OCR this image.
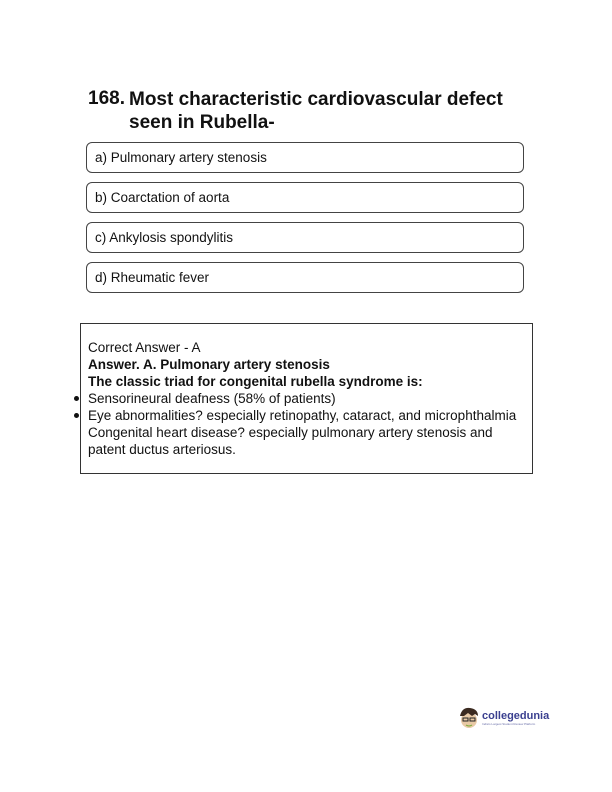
168. Most characteristic cardiovascular defect seen in Rubella-
a) Pulmonary artery stenosis
b) Coarctation of aorta
c) Ankylosis spondylitis
d) Rheumatic fever
Correct Answer - A
Answer. A. Pulmonary artery stenosis
The classic triad for congenital rubella syndrome is:
Sensorineural deafness (58% of patients)
Eye abnormalities? especially retinopathy, cataract, and microphthalmia Congenital heart disease? especially pulmonary artery stenosis and patent ductus arteriosus.
collegedunia
India's Largest Student Review Platform
